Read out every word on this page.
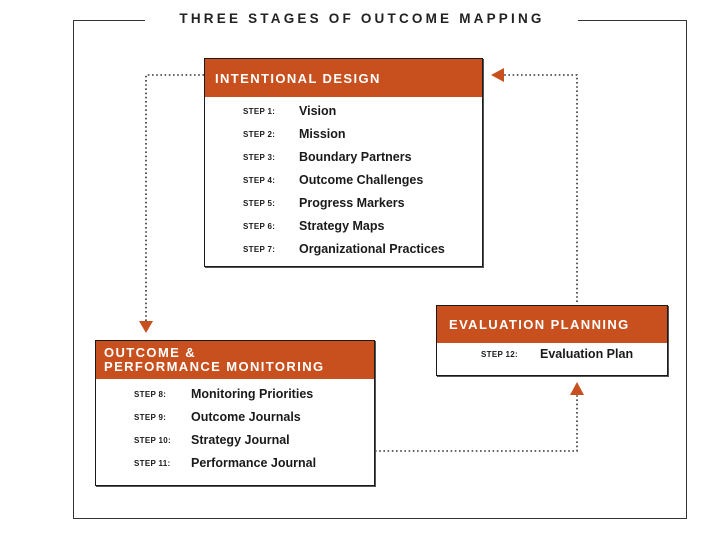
THREE STAGES OF OUTCOME MAPPING
INTENTIONAL DESIGN
STEP 1: Vision
STEP 2: Mission
STEP 3: Boundary Partners
STEP 4: Outcome Challenges
STEP 5: Progress Markers
STEP 6: Strategy Maps
STEP 7: Organizational Practices
OUTCOME &
PERFORMANCE MONITORING
STEP 8: Monitoring Priorities
STEP 9: Outcome Journals
STEP 10: Strategy Journal
STEP 11: Performance Journal
EVALUATION PLANNING
STEP 12: Evaluation Plan
